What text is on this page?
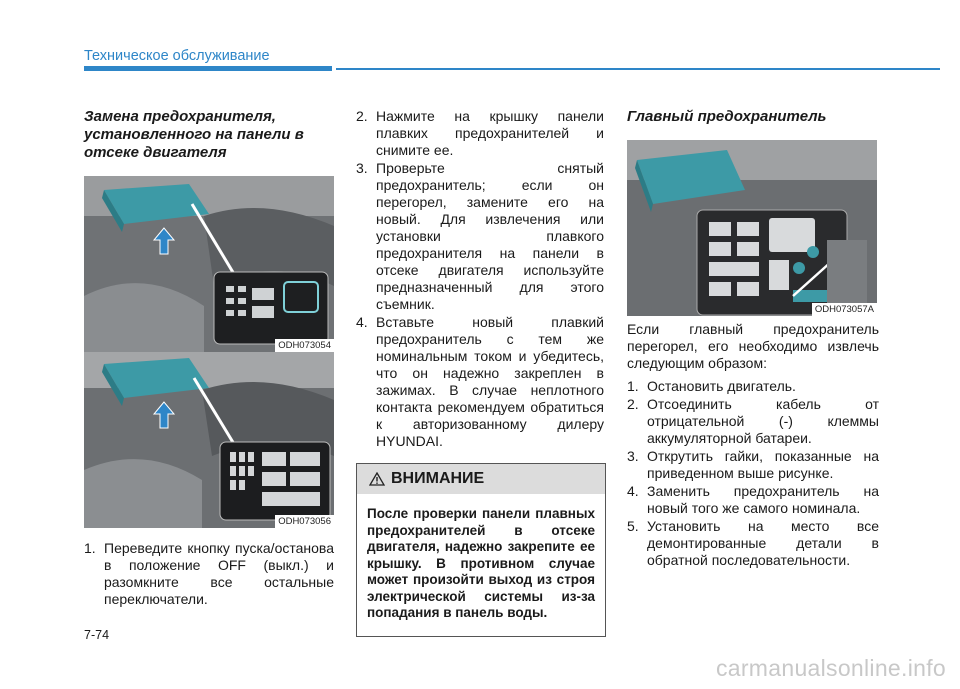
Техническое обслуживание
Замена предохранителя,
установленного на панели в
отсеке двигателя
ODH073054
ODH073056
1. Переведите кнопку пуска/останова в положение OFF (выкл.) и разомкните все остальные переключатели.
2. Нажмите на крышку панели плавких предохранителей и снимите ее.
3. Проверьте снятый предохранитель; если он перегорел, замените его на новый. Для извлечения или установки плавкого предохранителя на панели в отсеке двигателя используйте предназначенный для этого съемник.
4. Вставьте новый плавкий предохранитель с тем же номинальным током и убедитесь, что он надежно закреплен в зажимах. В случае неплотного контакта рекомендуем обратиться к авторизованному дилеру HYUNDAI.
ВНИМАНИЕ
После проверки панели плавных предохранителей в отсеке двигателя, надежно закрепите ее крышку. В противном случае может произойти выход из строя электрической системы из-за попадания в панель воды.
Главный предохранитель
ODH073057A

Если главный предохранитель перегорел, его необходимо извлечь следующим образом:

1. Остановить двигатель.
2. Отсоединить кабель от отрицательной (-) клеммы аккумуляторной батареи.
3. Открутить гайки, показанные на приведенном выше рисунке.
4. Заменить предохранитель на новый того же самого номинала.
5. Установить на место все демонтированные детали в обратной последовательности.
7-74
carmanualsonline.info
